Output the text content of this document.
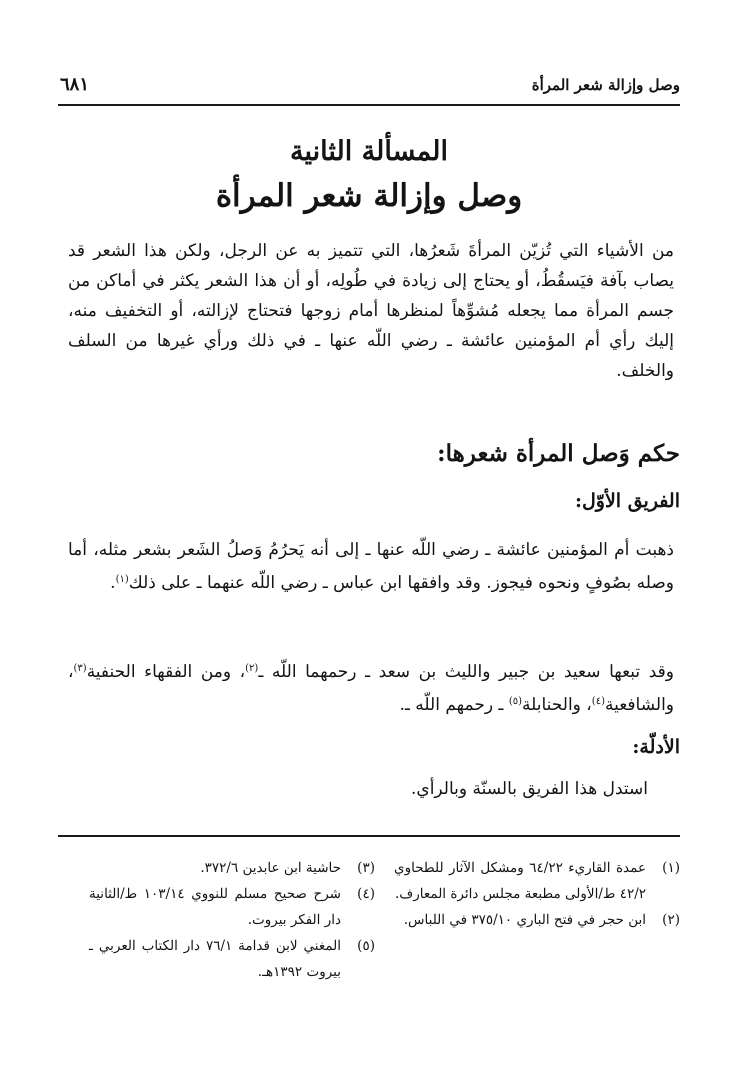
وصل وإزالة شعر المرأة
٦٨١
المسألة الثانية
وصل وإزالة شعر المرأة
من الأشياء التي تُزيّن المرأةَ شَعرُها، التي تتميز به عن الرجل، ولكن هذا الشعر قد يصاب بآفة فيَسقُطُ، أو يحتاج إلى زيادة في طُولِه، أو أن هذا الشعر يكثر في أماكن من جسم المرأة مما يجعله مُشوِّهاً لمنظرها أمام زوجها فتحتاج لإزالته، أو التخفيف منه، إليك رأي أم المؤمنين عائشة ـ رضي اللّه عنها ـ في ذلك ورأي غيرها من السلف والخلف.
حكم وَصل المرأة شعرها:
الفريق الأوّل:
ذهبت أم المؤمنين عائشة ـ رضي اللّه عنها ـ إلى أنه يَحرُمُ وَصلُ الشَعر بشعر مثله، أما وصله بصُوفٍ ونحوه فيجوز. وقد وافقها ابن عباس ـ رضي اللّه عنهما ـ على ذلك$^{(١)}$.
وقد تبعها سعيد بن جبير والليث بن سعد ـ رحمهما اللّه ـ$^{(٢)}$، ومن الفقهاء الحنفية$^{(٣)}$، والشافعية$^{(٤)}$، والحنابلة$^{(٥)}$ ـ رحمهم اللّه ـ.
الأدلّة:
استدل هذا الفريق بالسنّة وبالرأي.
(١)
عمدة القاريء ٦٤/٢٢ ومشكل الآثار للطحاوي ٤٢/٢ ط/الأولى مطبعة مجلس دائرة المعارف.
(٢)
ابن حجر في فتح الباري ٣٧٥/١٠ في اللباس.
(٣)
حاشية ابن عابدين ٣٧٢/٦.
(٤)
شرح صحيح مسلم للنووي ١٠٣/١٤ ط/الثانية دار الفكر بيروت.
(٥)
المغني لابن قدامة ٧٦/١ دار الكتاب العربي ـ بيروت ١٣٩٢هـ.
